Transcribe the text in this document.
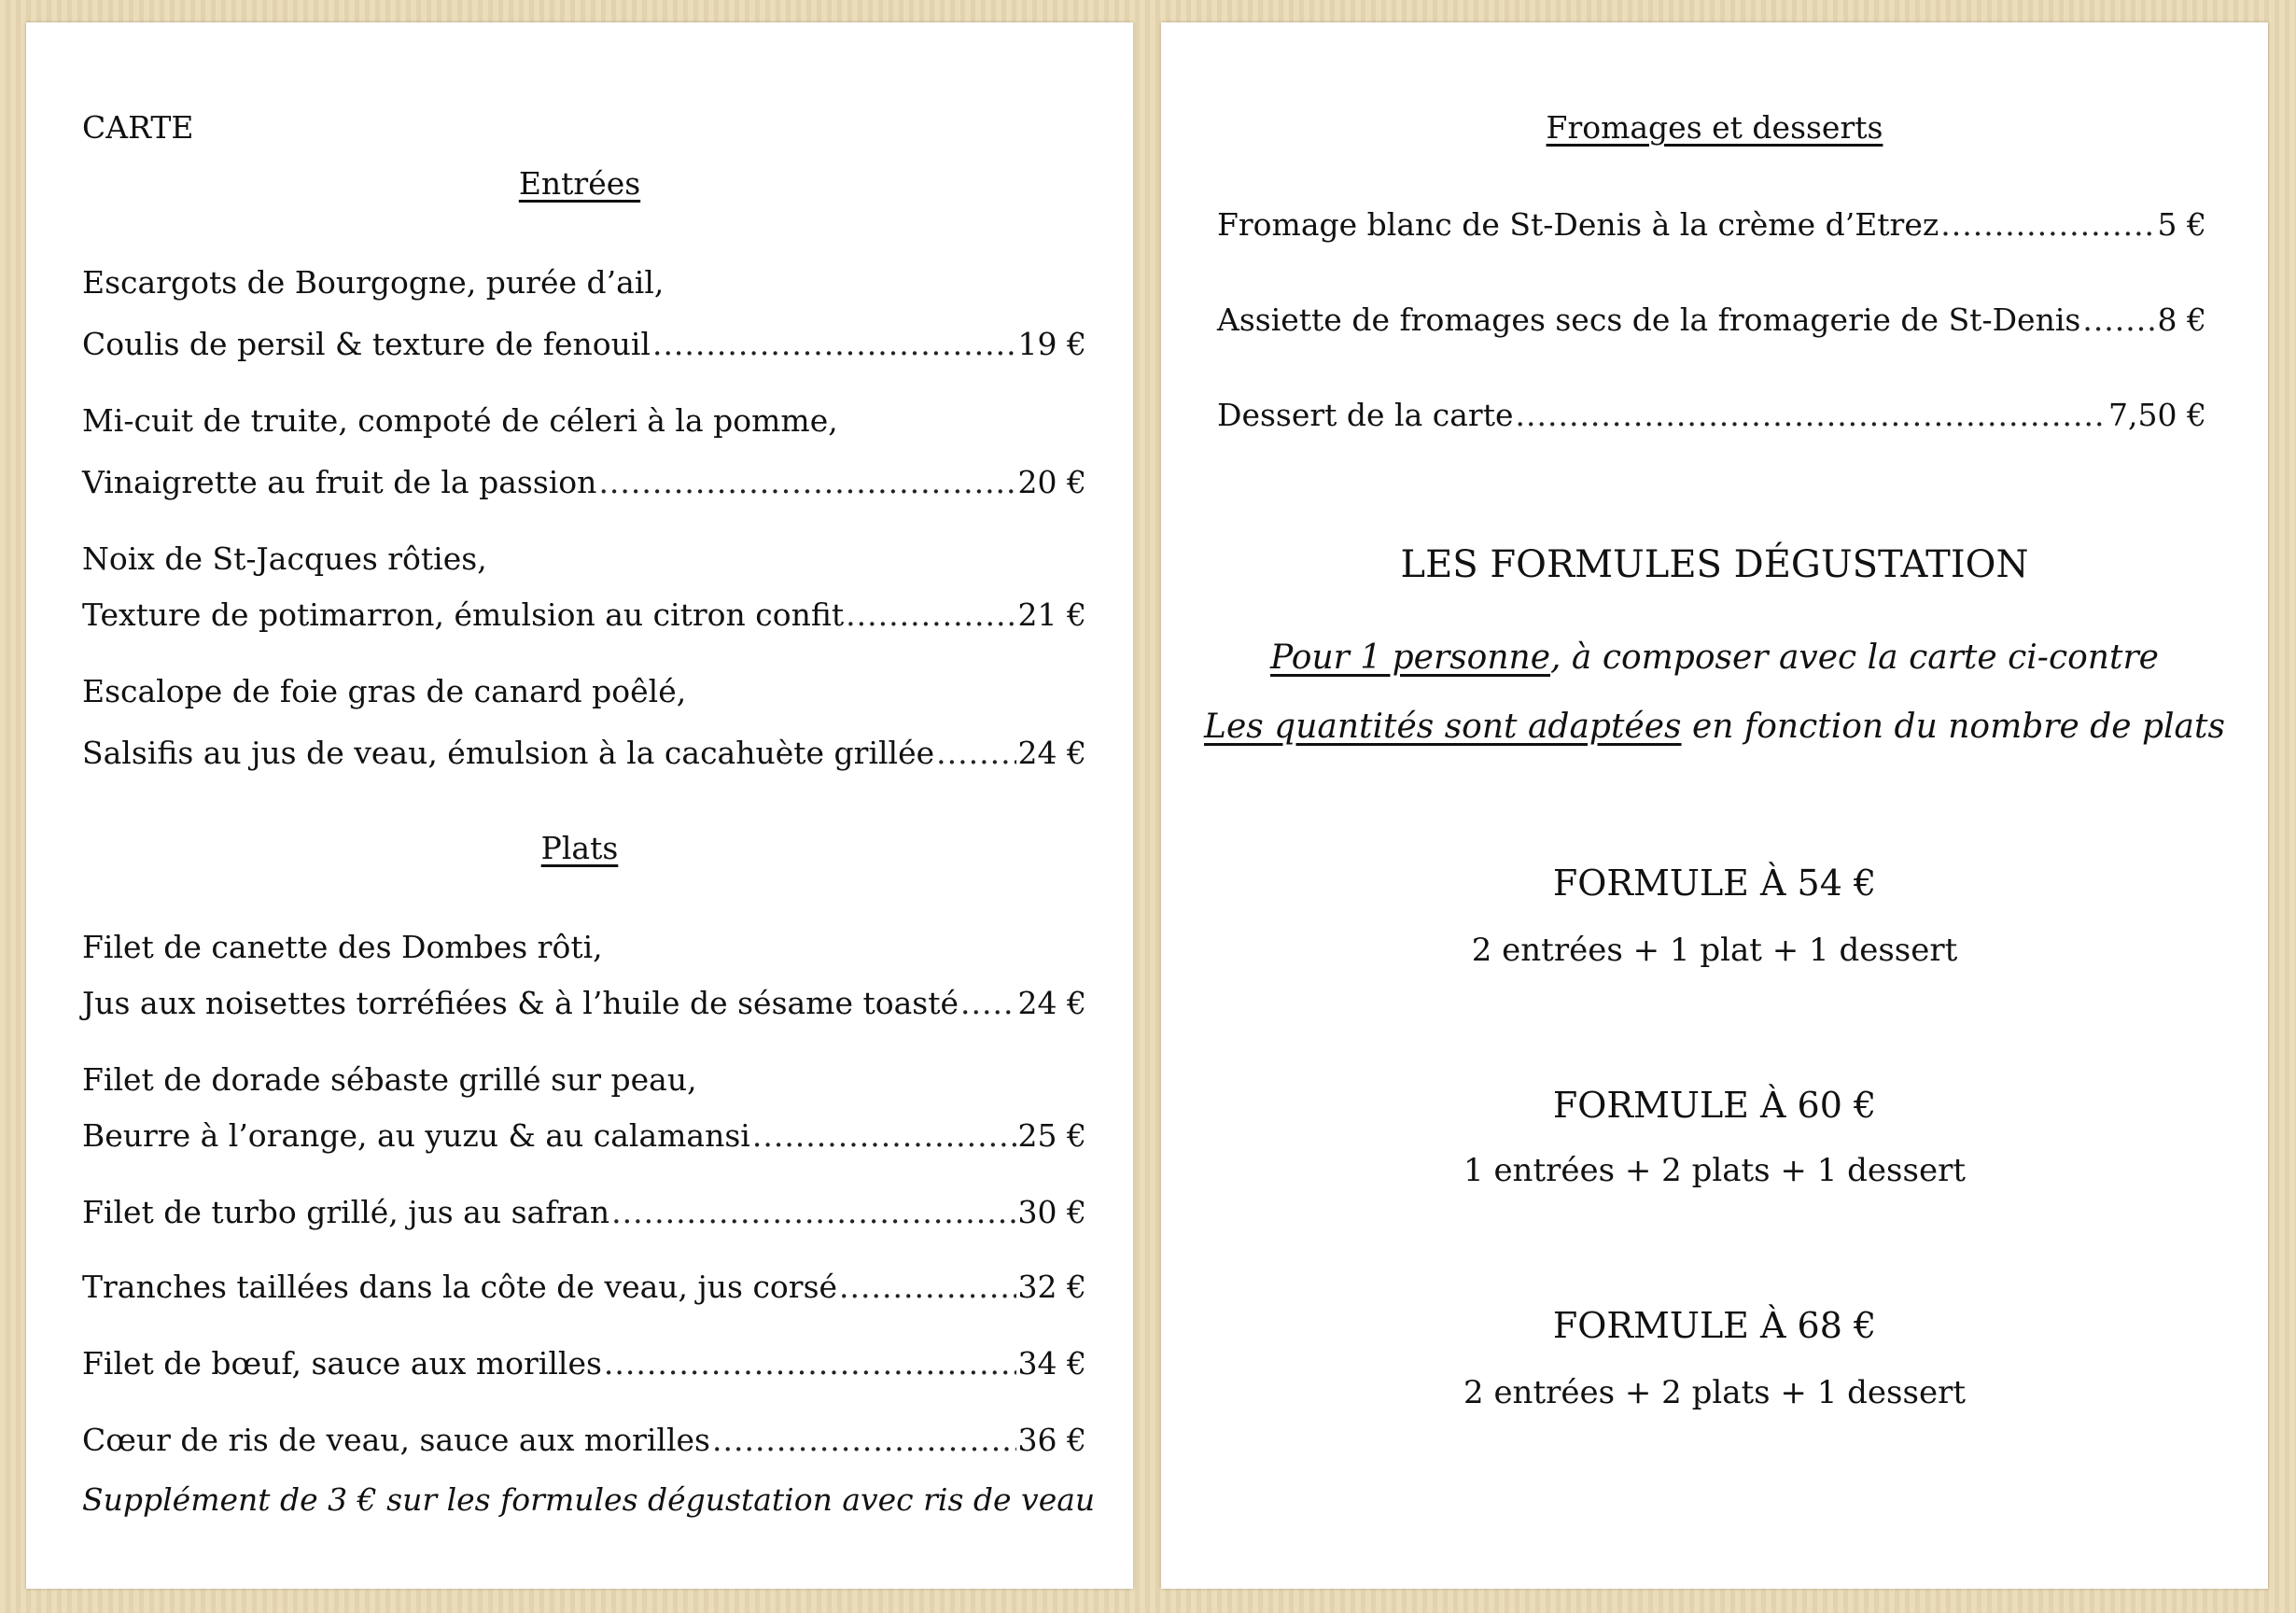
CARTE
Entrées
Escargots de Bourgogne, purée d’ail,
Coulis de persil & texture de fenouil .....	19 €
Mi-cuit de truite, compoté de céleri à la pomme,
Vinaigrette au fruit de la passion .....	20 €
Noix de St-Jacques rôties,
Texture de potimarron, émulsion au citron confit .....	21 €
Escalope de foie gras de canard poêlé,
Salsifis au jus de veau, émulsion à la cacahuète grillée .....	24 €
Plats
Filet de canette des Dombes rôti,
Jus aux noisettes torréfiées & à l’huile de sésame toasté ..... 24 €
Filet de dorade sébaste grillé sur peau,
Beurre à l’orange, au yuzu & au calamansi .....	25 €
Filet de turbo grillé, jus au safran .....	30 €
Tranches taillées dans la côte de veau, jus corsé .....	32 €
Filet de bœuf, sauce aux morilles .....	34 €
Cœur de ris de veau, sauce aux morilles .....	36 €
Supplément de 3 € sur les formules dégustation avec ris de veau
Fromages et desserts
Fromage blanc de St-Denis à la crème d’Etrez .....	5 €
Assiette de fromages secs de la fromagerie de St-Denis ..... 8 €
Dessert de la carte .....	7,50 €
LES FORMULES DÉGUSTATION
Pour 1 personne, à composer avec la carte ci-contre
Les quantités sont adaptées en fonction du nombre de plats
FORMULE À 54 €
2 entrées + 1 plat + 1 dessert
FORMULE À 60 €
1 entrées + 2 plats + 1 dessert
FORMULE À 68 €
2 entrées + 2 plats + 1 dessert
